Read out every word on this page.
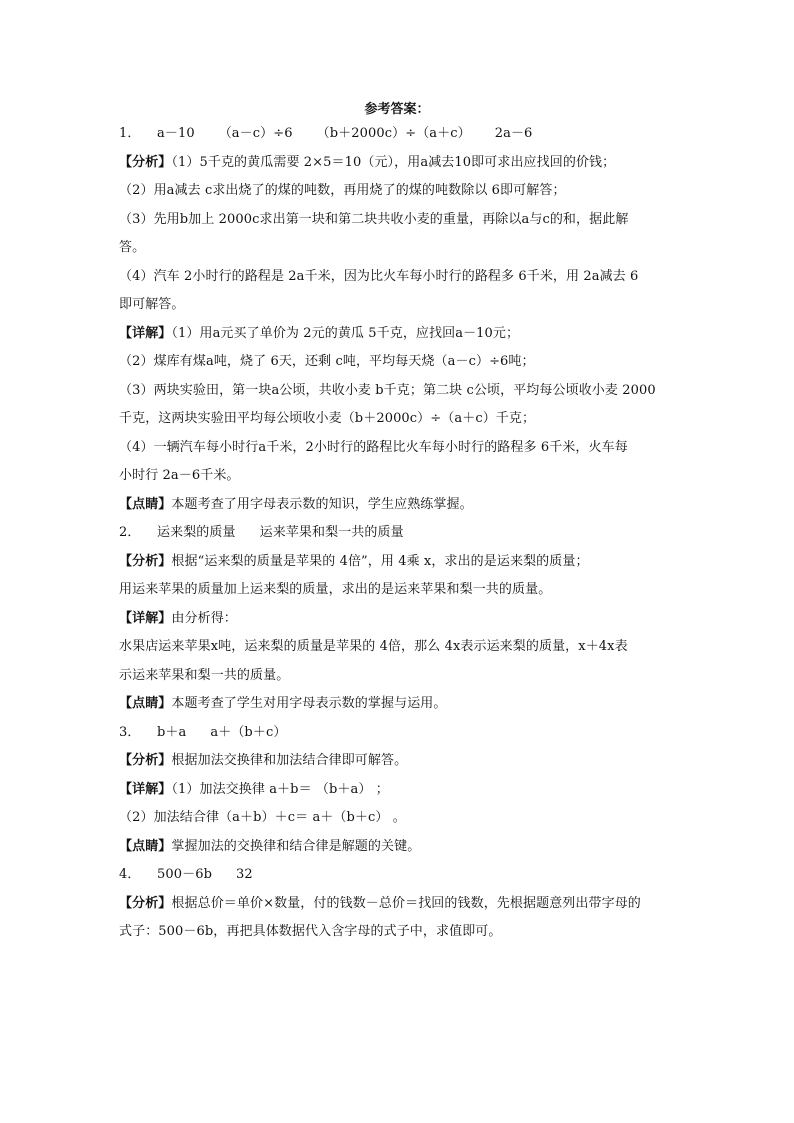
参考答案：
1．	a－10 （a－c）÷6 （b＋2000c）÷（a＋c） 2a－6
【分析】（1）5千克的黄瓜需要 2×5＝10（元），用a减去10即可求出应找回的价钱；
（2）用a减去 c求出烧了的煤的吨数，再用烧了的煤的吨数除以 6即可解答；
（3）先用b加上 2000c求出第一块和第二块共收小麦的重量，再除以a与c的和，据此解
答。
（4）汽车 2小时行的路程是 2a千米，因为比火车每小时行的路程多 6千米，用 2a减去 6
即可解答。
【详解】（1）用a元买了单价为 2元的黄瓜 5千克，应找回a－10元；
（2）煤库有煤a吨，烧了 6天，还剩 c吨，平均每天烧（a－c）÷6吨；
（3）两块实验田，第一块a公顷，共收小麦 b千克；第二块 c公顷，平均每公顷收小麦 2000
千克，这两块实验田平均每公顷收小麦（b＋2000c）÷（a＋c）千克；
（4）一辆汽车每小时行a千米，2小时行的路程比火车每小时行的路程多 6千米，火车每
小时行 2a－6千米。
【点睛】本题考查了用字母表示数的知识，学生应熟练掌握。
2．	运来梨的质量 运来苹果和梨一共的质量
【分析】根据“运来梨的质量是苹果的 4倍”，用 4乘 x，求出的是运来梨的质量；
用运来苹果的质量加上运来梨的质量，求出的是运来苹果和梨一共的质量。
【详解】由分析得：
水果店运来苹果x吨，运来梨的质量是苹果的 4倍，那么 4x表示运来梨的质量，x＋4x表
示运来苹果和梨一共的质量。
【点睛】本题考查了学生对用字母表示数的掌握与运用。
3．	b＋a a＋（b＋c）
【分析】根据加法交换律和加法结合律即可解答。
【详解】（1）加法交换律 a＋b＝ （b＋a） ；
（2）加法结合律（a＋b）＋c＝ a＋（b＋c） 。
【点睛】掌握加法的交换律和结合律是解题的关键。
4．	500－6b 32
【分析】根据总价＝单价×数量，付的钱数－总价＝找回的钱数，先根据题意列出带字母的
式子：500－6b，再把具体数据代入含字母的式子中，求值即可。
